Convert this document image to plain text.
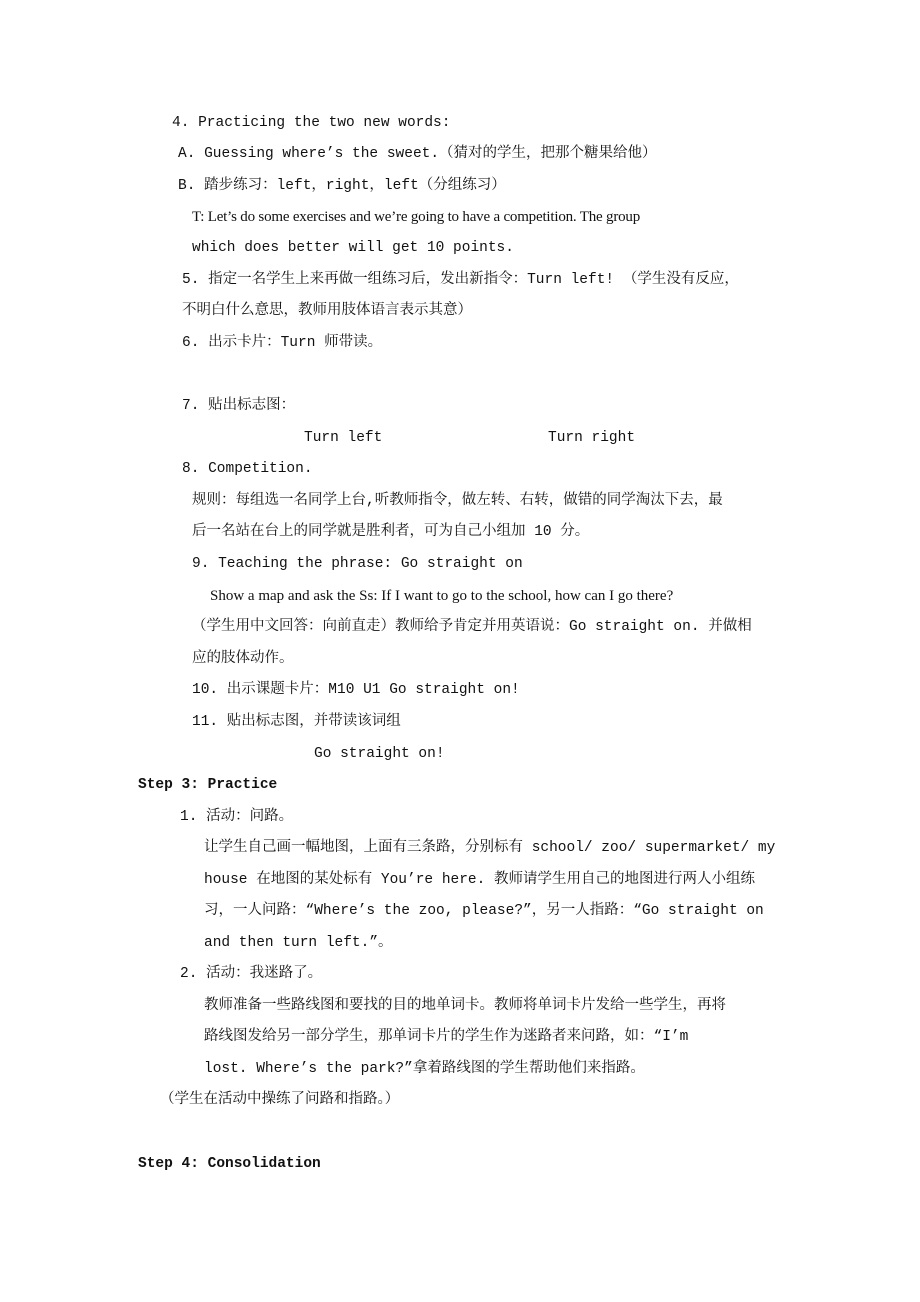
4. Practicing the two new words:
A. Guessing where’s the sweet.（猜对的学生，把那个糖果给他）
B. 踏步练习：left，right，left（分组练习）
T: Let’s do some exercises and we’re going to have a competition. The group
which does better will get 10 points.
5. 指定一名学生上来再做一组练习后，发出新指令：Turn left! （学生没有反应，
不明白什么意思，教师用肢体语言表示其意）
6. 出示卡片：Turn 师带读。
7. 贴出标志图：
Turn left	Turn right
8. Competition.
规则：每组选一名同学上台,听教师指令，做左转、右转，做错的同学淘汰下去，最
后一名站在台上的同学就是胜利者，可为自己小组加 10 分。
9. Teaching the phrase: Go straight on
Show a map and ask the Ss: If I want to go to the school, how can I go there?
（学生用中文回答：向前直走）教师给予肯定并用英语说：Go straight on. 并做相
应的肢体动作。
10. 出示课题卡片：M10 U1 Go straight on!
11. 贴出标志图，并带读该词组
Go straight on!
Step 3: Practice
1. 活动：问路。
让学生自己画一幅地图，上面有三条路，分别标有 school/ zoo/ supermarket/ my
house 在地图的某处标有 You’re here. 教师请学生用自己的地图进行两人小组练
习，一人问路：“Where’s the zoo, please?”，另一人指路：“Go straight on
and then turn left.”。
2. 活动：我迷路了。
教师准备一些路线图和要找的目的地单词卡。教师将单词卡片发给一些学生，再将
路线图发给另一部分学生，那单词卡片的学生作为迷路者来问路，如：“I’m
lost. Where’s the park?”拿着路线图的学生帮助他们来指路。
（学生在活动中操练了问路和指路。）
Step 4: Consolidation
